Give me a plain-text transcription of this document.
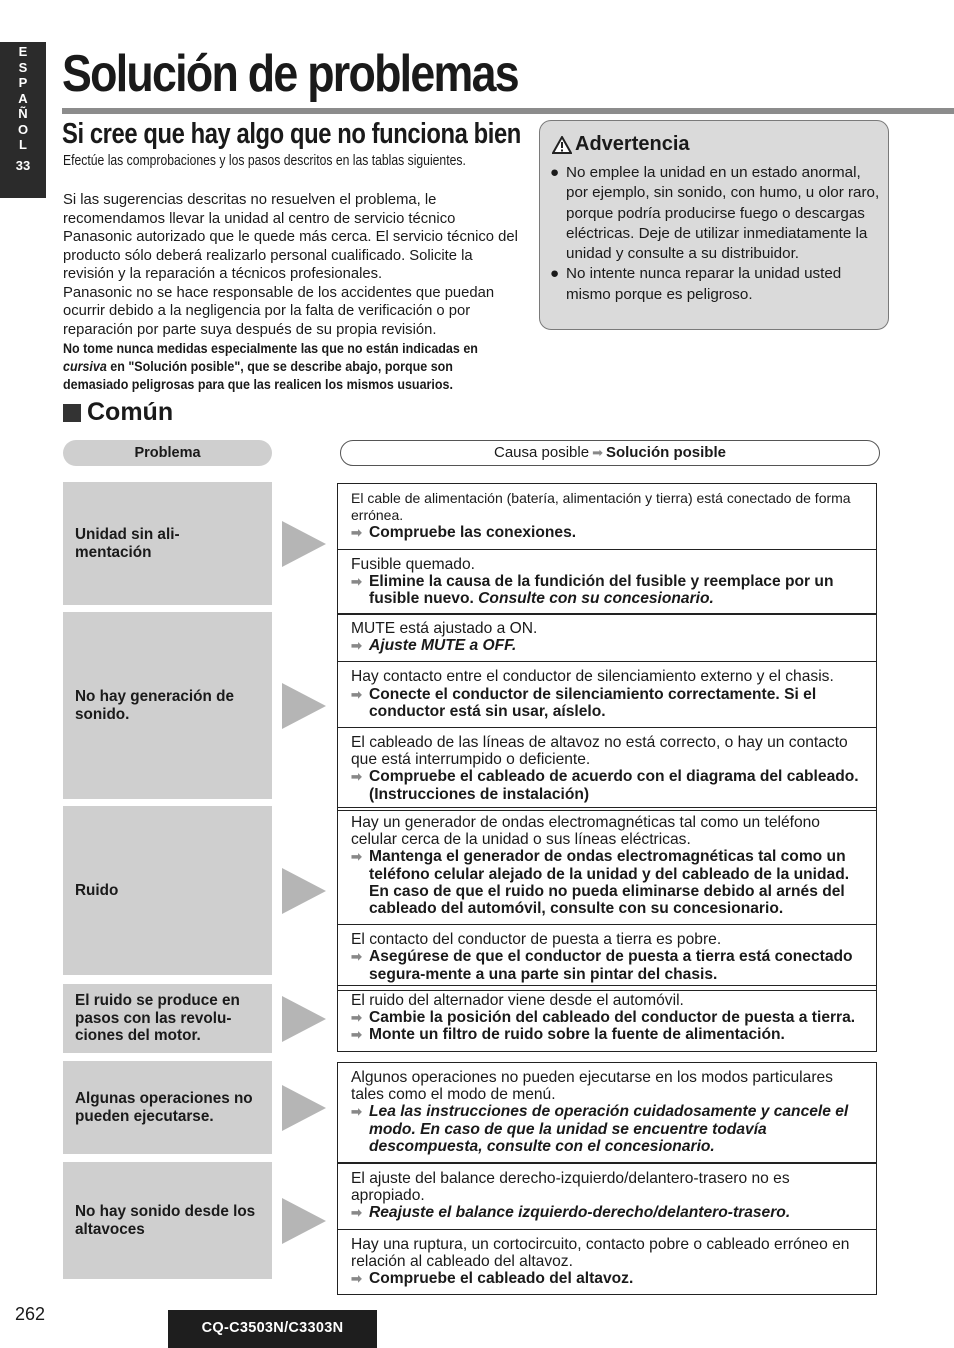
E
S
P
A
Ñ
O
L
33
Solución de problemas
Si cree que hay algo que no funciona bien
Efectúe las comprobaciones y los pasos descritos en las tablas siguientes.

Si las sugerencias descritas no resuelven el problema, le recomendamos llevar la unidad al centro de servicio técnico Panasonic autorizado que le quede más cerca. El servicio técnico del producto sólo deberá realizarlo personal cualificado. Solicite la revisión y la reparación a técnicos profesionales.

Panasonic no se hace responsable de los accidentes que puedan ocurrir debido a la negligencia por la falta de verificación o por reparación por parte suya después de su propia revisión.

No tome nunca medidas especialmente las que no están indicadas en cursiva en "Solución posible", que se describe abajo, porque son demasiado peligrosas para que las realicen los mismos usuarios.

Advertencia
● No emplee la unidad en un estado anormal, por ejemplo, sin sonido, con humo, u olor raro, porque podría producirse fuego o descargas eléctricas. Deje de utilizar inmediatamente la unidad y consulte a su distribuidor.
● No intente nunca reparar la unidad usted mismo porque es peligroso.
Común
Problema	Causa posible ➡ Solución posible
Unidad sin ali- mentación
El cable de alimentación (batería, alimentación y tierra) está conectado de forma errónea.
➡ Compruebe las conexiones.
Fusible quemado.
➡ Elimine la causa de la fundición del fusible y reemplace por un fusible nuevo. Consulte con su concesionario.
No hay generación de sonido.
MUTE está ajustado a ON.
➡ Ajuste MUTE a OFF.
Hay contacto entre el conductor de silenciamiento externo y el chasis.
➡ Conecte el conductor de silenciamiento correctamente. Si el conductor está sin usar, aíslelo.
El cableado de las líneas de altavoz no está correcto, o hay un contacto que está interrumpido o deficiente.
➡ Compruebe el cableado de acuerdo con el diagrama del cableado. (Instrucciones de instalación)
Ruido
Hay un generador de ondas electromagnéticas tal como un teléfono celular cerca de la unidad o sus líneas eléctricas.
➡ Mantenga el generador de ondas electromagnéticas tal como un teléfono celular alejado de la unidad y del cableado de la unidad. En caso de que el ruido no pueda eliminarse debido al arnés del cableado del automóvil, consulte con su concesionario.
El contacto del conductor de puesta a tierra es pobre.
➡ Asegúrese de que el conductor de puesta a tierra está conectado segura-mente a una parte sin pintar del chasis.
El ruido se produce en pasos con las revolu- ciones del motor.
El ruido del alternador viene desde el automóvil.
➡ Cambie la posición del cableado del conductor de puesta a tierra.
➡ Monte un filtro de ruido sobre la fuente de alimentación.
Algunas operaciones no pueden ejecutarse.
Algunos operaciones no pueden ejecutarse en los modos particulares tales como el modo de menú.
➡ Lea las instrucciones de operación cuidadosamente y cancele el modo. En caso de que la unidad se encuentre todavía descompuesta, consulte con el concesionario.
No hay sonido desde los altavoces
El ajuste del balance derecho-izquierdo/delantero-trasero no es apropiado.
➡ Reajuste el balance izquierdo-derecho/delantero-trasero.
Hay una ruptura, un cortocircuito, contacto pobre o cableado erróneo en relación al cableado del altavoz.
➡ Compruebe el cableado del altavoz.
262
CQ-C3503N/C3303N
